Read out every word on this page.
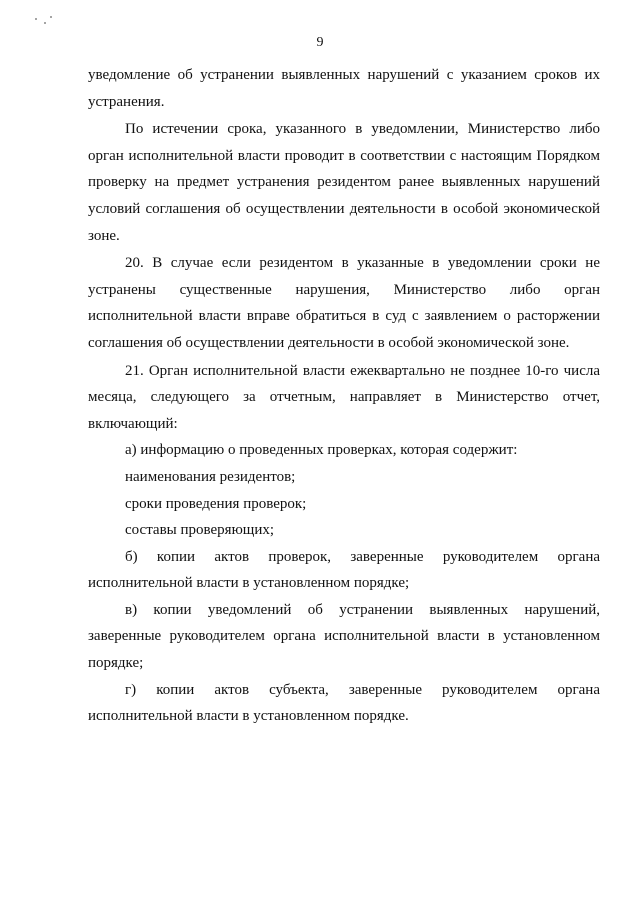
9

уведомление об устранении выявленных нарушений с указанием сроков их устранения.

По истечении срока, указанного в уведомлении, Министерство либо орган исполнительной власти проводит в соответствии с настоящим Порядком проверку на предмет устранения резидентом ранее выявленных нарушений условий соглашения об осуществлении деятельности в особой экономической зоне.

20. В случае если резидентом в указанные в уведомлении сроки не устранены существенные нарушения, Министерство либо орган исполнительной власти вправе обратиться в суд с заявлением о расторжении соглашения об осуществлении деятельности в особой экономической зоне.

21. Орган исполнительной власти ежеквартально не позднее 10-го числа месяца, следующего за отчетным, направляет в Министерство отчет, включающий:

а) информацию о проведенных проверках, которая содержит:

наименования резидентов;

сроки проведения проверок;

составы проверяющих;

б) копии актов проверок, заверенные руководителем органа исполнительной власти в установленном порядке;

в) копии уведомлений об устранении выявленных нарушений, заверенные руководителем органа исполнительной власти в установленном порядке;

г) копии актов субъекта, заверенные руководителем органа исполнительной власти в установленном порядке.
